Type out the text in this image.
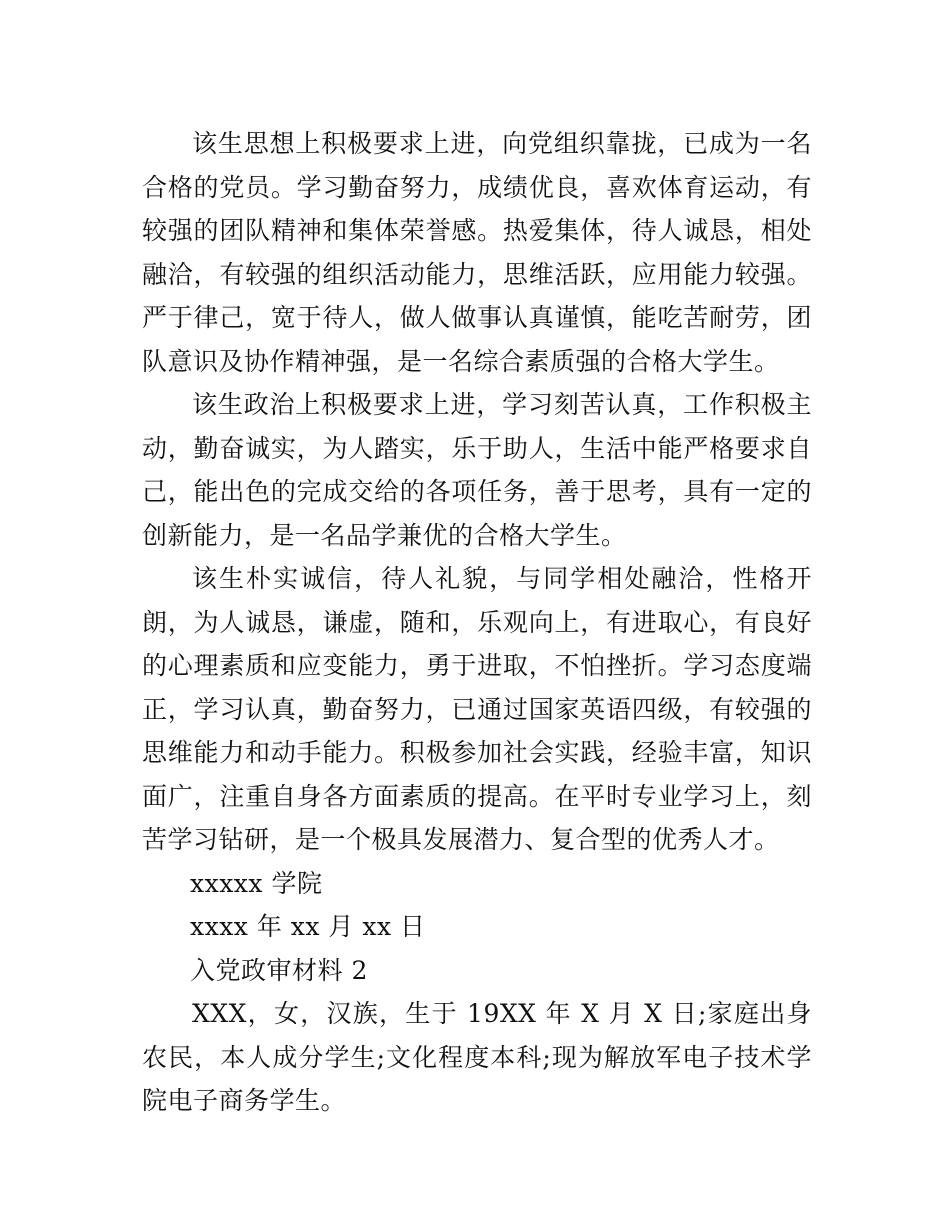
该生思想上积极要求上进，向党组织靠拢，已成为一名合格的党员。学习勤奋努力，成绩优良，喜欢体育运动，有较强的团队精神和集体荣誉感。热爱集体，待人诚恳，相处融洽，有较强的组织活动能力，思维活跃，应用能力较强。严于律己，宽于待人，做人做事认真谨慎，能吃苦耐劳，团队意识及协作精神强，是一名综合素质强的合格大学生。

该生政治上积极要求上进，学习刻苦认真，工作积极主动，勤奋诚实，为人踏实，乐于助人，生活中能严格要求自己，能出色的完成交给的各项任务，善于思考，具有一定的创新能力，是一名品学兼优的合格大学生。

该生朴实诚信，待人礼貌，与同学相处融洽，性格开朗，为人诚恳，谦虚，随和，乐观向上，有进取心，有良好的心理素质和应变能力，勇于进取，不怕挫折。学习态度端正，学习认真，勤奋努力，已通过国家英语四级，有较强的思维能力和动手能力。积极参加社会实践，经验丰富，知识面广，注重自身各方面素质的提高。在平时专业学习上，刻苦学习钻研，是一个极具发展潜力、复合型的优秀人才。

xxxxx 学院

xxxx 年 xx 月 xx 日

入党政审材料 2

XXX，女，汉族，生于 19XX 年 X 月 X 日;家庭出身农民，本人成分学生;文化程度本科;现为解放军电子技术学院电子商务学生。
